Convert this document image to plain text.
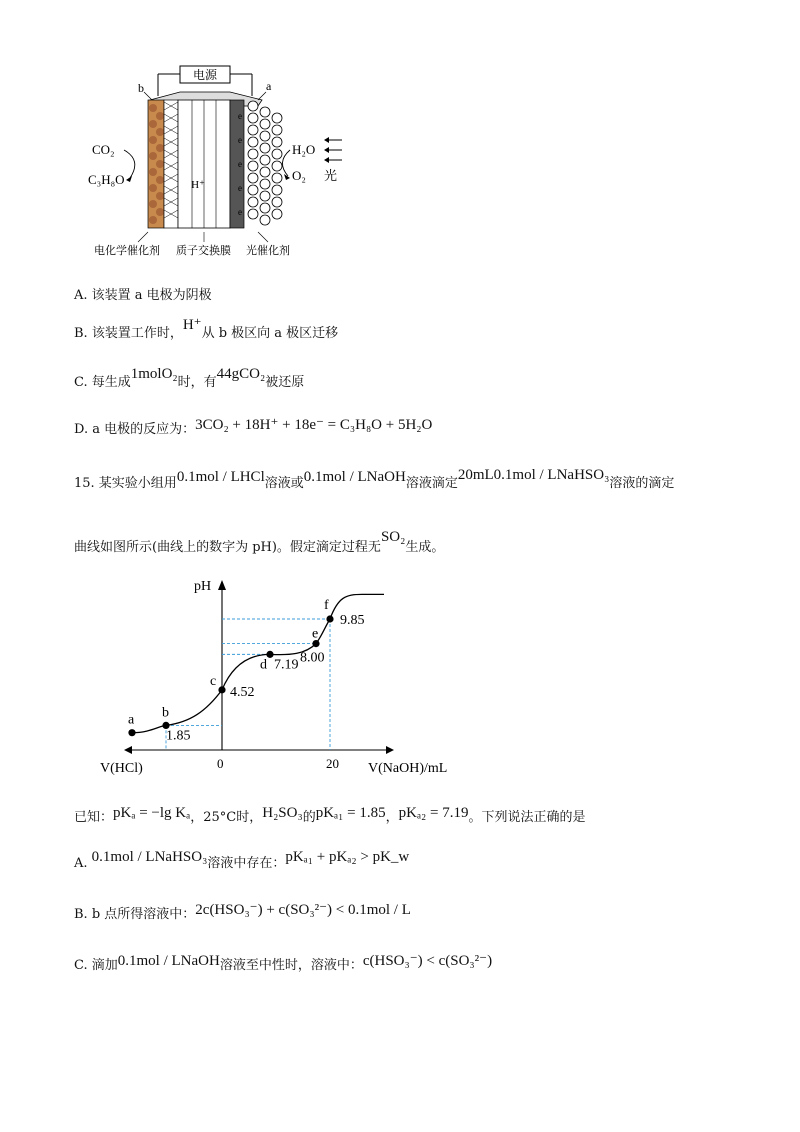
电源
b	a
H⁺
e
e
e
e
e
CO₂
C₃H₈O
H₂O
O₂ 光
电化学催化剂 质子交换膜 光催化剂
A. 该装置 a 电极为阴极
B. 该装置工作时，H⁺从 b 极区向 a 极区迁移
C. 每生成1molO₂时，有44gCO₂被还原
D. a 电极的反应为：3CO₂ + 18H⁺ + 18e⁻ = C₃H₈O + 5H₂O
15. 某实验小组用0.1mol / LHCl溶液或0.1mol / LNaOH溶液滴定20mL0.1mol / LNaHSO₃溶液的滴定
曲线如图所示(曲线上的数字为 pH)。假定滴定过程无SO₂生成。
pH
V(HCl)	V(NaOH)/mL
0	20
a b
1.85
c
4.52
d 7.19
e
8.00
f
9.85
已知：pKₐ = −lg Kₐ，25°C时，H₂SO₃的pKₐ₁ = 1.85，pKₐ₂ = 7.19。下列说法正确的是
A. 0.1mol / LNaHSO₃溶液中存在：pKₐ₁ + pKₐ₂ > pK_w
B. b 点所得溶液中：2c(HSO₃⁻) + c(SO₃²⁻) < 0.1mol / L
C. 滴加0.1mol / LNaOH溶液至中性时，溶液中：c(HSO₃⁻) < c(SO₃²⁻)
